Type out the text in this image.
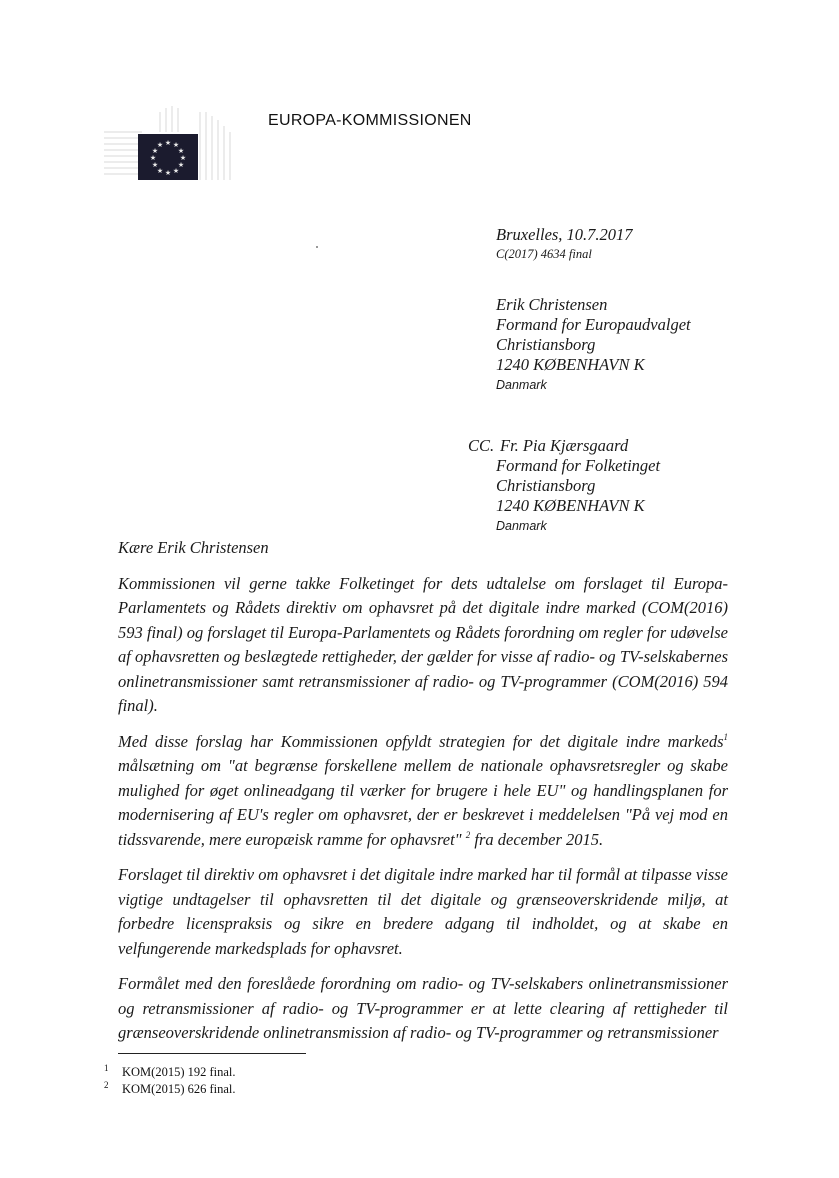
★ ★
★
★
★
★
★
★
★
★
★
★
EUROPA-KOMMISSIONEN
Bruxelles, 10.7.2017
C(2017) 4634 final
Erik Christensen
Formand for Europaudvalget
Christiansborg
1240 KØBENHAVN K
Danmark
CC. Fr. Pia Kjærsgaard
Formand for Folketinget
Christiansborg
1240 KØBENHAVN K
Danmark

Kære Erik Christensen

Kommissionen vil gerne takke Folketinget for dets udtalelse om forslaget til Europa-Parlamentets og Rådets direktiv om ophavsret på det digitale indre marked (COM(2016) 593 final) og forslaget til Europa-Parlamentets og Rådets forordning om regler for udøvelse af ophavsretten og beslægtede rettigheder, der gælder for visse af radio- og TV-selskabernes onlinetransmissioner samt retransmissioner af radio- og TV-programmer (COM(2016) 594 final).

Med disse forslag har Kommissionen opfyldt strategien for det digitale indre markeds$^1$ målsætning om "at begrænse forskellene mellem de nationale ophavsretsregler og skabe mulighed for øget onlineadgang til værker for brugere i hele EU" og handlingsplanen for modernisering af EU's regler om ophavsret, der er beskrevet i meddelelsen "På vej mod en tidssvarende, mere europæisk ramme for ophavsret" $^2$ fra december 2015.

Forslaget til direktiv om ophavsret i det digitale indre marked har til formål at tilpasse visse vigtige undtagelser til ophavsretten til det digitale og grænseoverskridende miljø, at forbedre licenspraksis og sikre en bredere adgang til indholdet, og at skabe en velfungerende markedsplads for ophavsret.

Formålet med den foreslåede forordning om radio- og TV-selskabers onlinetransmissioner og retransmissioner af radio- og TV-programmer er at lette clearing af rettigheder til grænseoverskridende onlinetransmission af radio- og TV-programmer og retransmissioner

1 KOM(2015) 192 final.
2 KOM(2015) 626 final.
